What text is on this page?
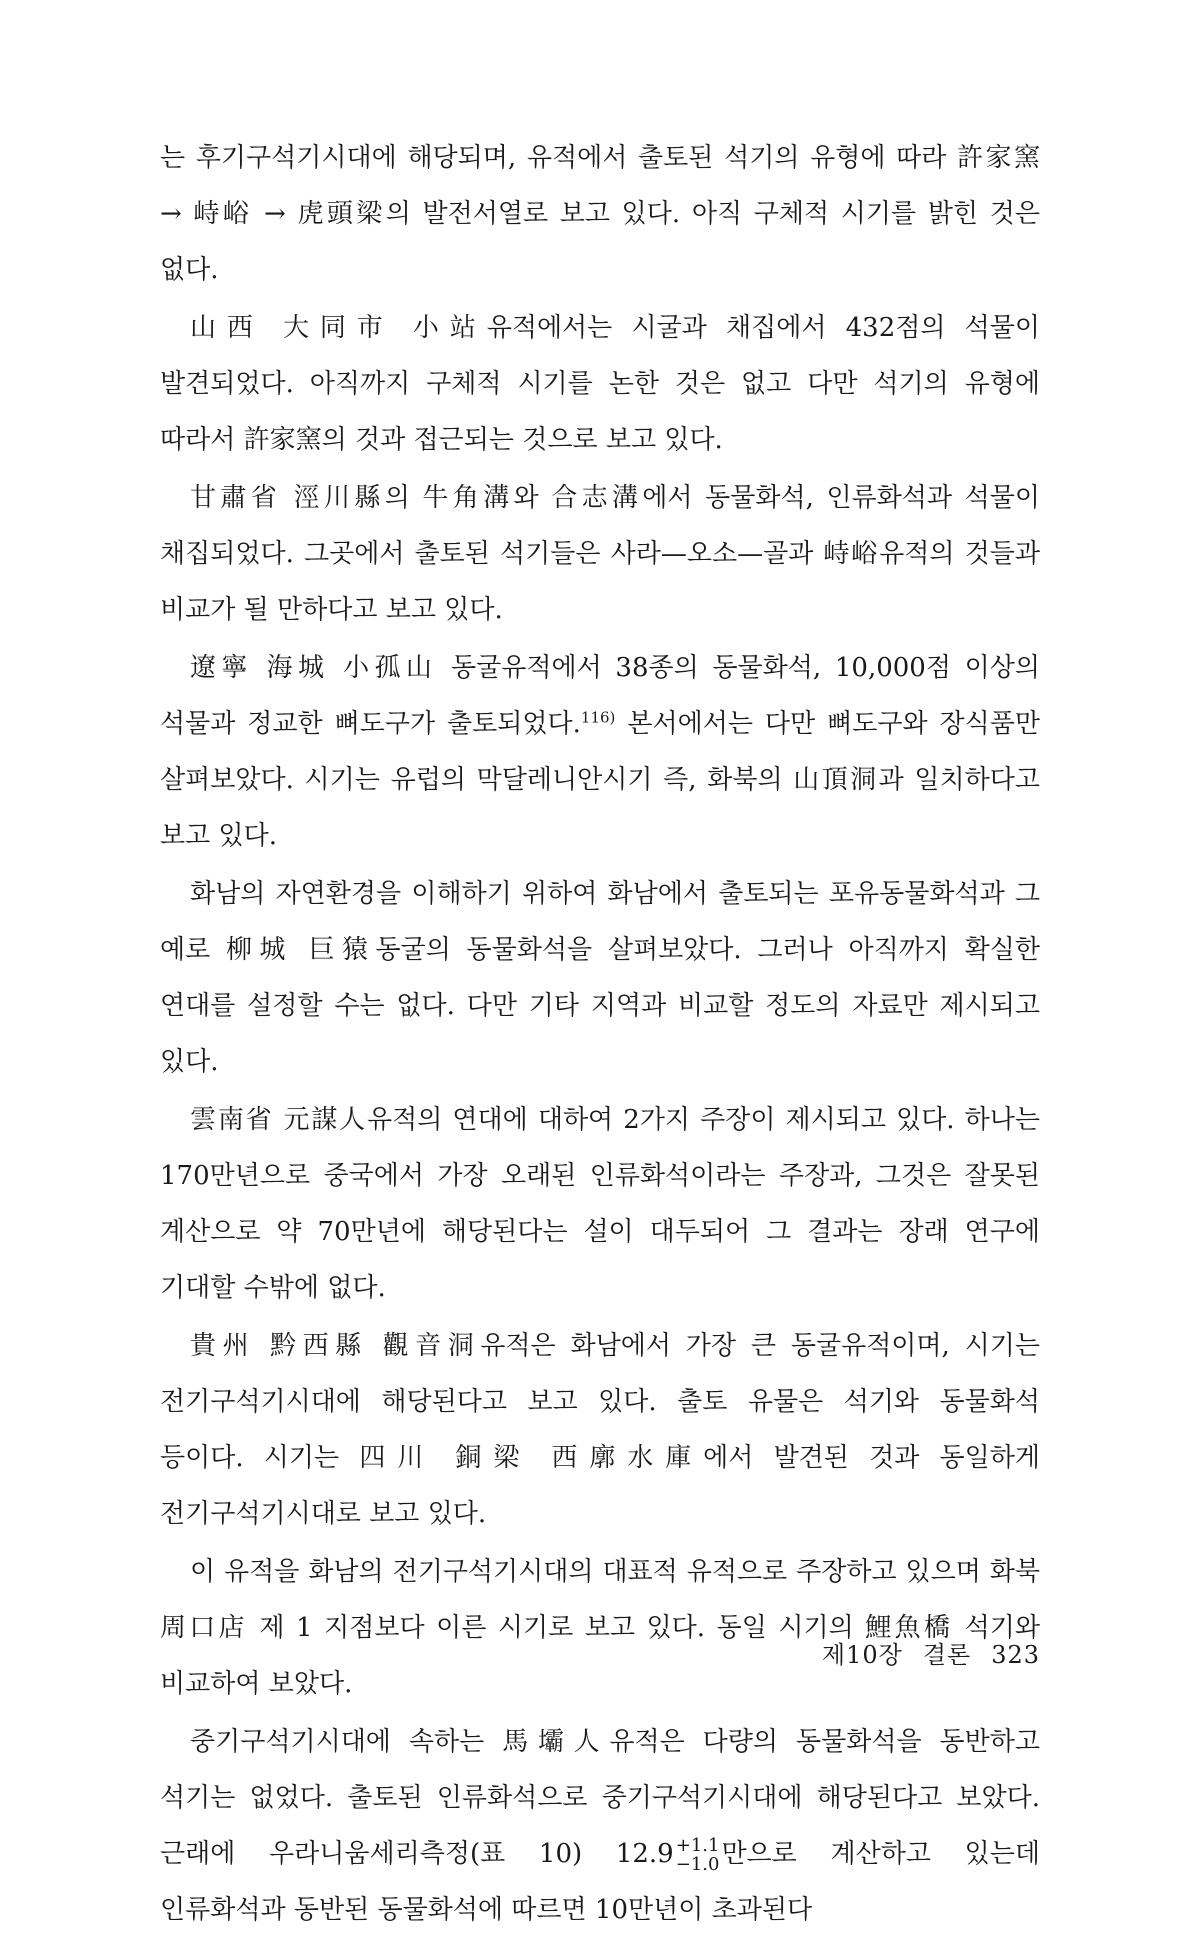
는 후기구석기시대에 해당되며, 유적에서 출토된 석기의 유형에 따라 許家窯 → 峙峪 → 虎頭梁의 발전서열로 보고 있다. 아직 구체적 시기를 밝힌 것은 없다.

山西 大同市 小站유적에서는 시굴과 채집에서 432점의 석물이 발견되었다. 아직까지 구체적 시기를 논한 것은 없고 다만 석기의 유형에 따라서 許家窯의 것과 접근되는 것으로 보고 있다.

甘肅省 涇川縣의 牛角溝와 合志溝에서 동물화석, 인류화석과 석물이 채집되었다. 그곳에서 출토된 석기들은 사라—오소—골과 峙峪유적의 것들과 비교가 될 만하다고 보고 있다.

遼寧 海城 小孤山 동굴유적에서 38종의 동물화석, 10,000점 이상의 석물과 정교한 뼈도구가 출토되었다.$^{116)}$ 본서에서는 다만 뼈도구와 장식품만 살펴보았다. 시기는 유럽의 막달레니안시기 즉, 화북의 山頂洞과 일치하다고 보고 있다.

화남의 자연환경을 이해하기 위하여 화남에서 출토되는 포유동물화석과 그 예로 柳城 巨猿동굴의 동물화석을 살펴보았다. 그러나 아직까지 확실한 연대를 설정할 수는 없다. 다만 기타 지역과 비교할 정도의 자료만 제시되고 있다.

雲南省 元謀人유적의 연대에 대하여 2가지 주장이 제시되고 있다. 하나는 170만년으로 중국에서 가장 오래된 인류화석이라는 주장과, 그것은 잘못된 계산으로 약 70만년에 해당된다는 설이 대두되어 그 결과는 장래 연구에 기대할 수밖에 없다.

貴州 黔西縣 觀音洞유적은 화남에서 가장 큰 동굴유적이며, 시기는 전기구석기시대에 해당된다고 보고 있다. 출토 유물은 석기와 동물화석 등이다. 시기는 四川 銅梁 西廓水庫에서 발견된 것과 동일하게 전기구석기시대로 보고 있다.

이 유적을 화남의 전기구석기시대의 대표적 유적으로 주장하고 있으며 화북 周口店 제 1 지점보다 이른 시기로 보고 있다. 동일 시기의 鯉魚橋 석기와 비교하여 보았다.

중기구석기시대에 속하는 馬壩人유적은 다량의 동물화석을 동반하고 석기는 없었다. 출토된 인류화석으로 중기구석기시대에 해당된다고 보았다. 근래에 우라니움세리측정(표 10) 12.9 +1.1
−1.0 만으로 계산하고 있는데 인류화석과 동반된 동물화석에 따르면 10만년이 초과된다

제10장 결론 323
